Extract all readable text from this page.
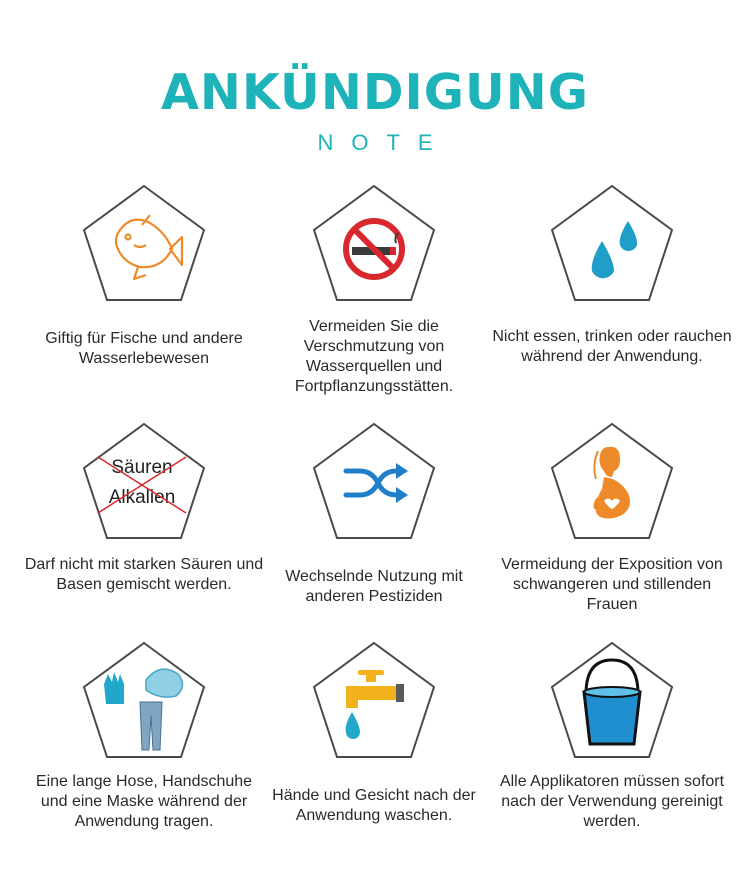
ANKÜNDIGUNG
NOTE
Giftig für Fische und andere Wasserlebewesen
Vermeiden Sie die Verschmutzung von Wasserquellen und Fortpflanzungsstätten.
Nicht essen, trinken oder rauchen während der Anwendung.
Säuren
Alkalien
Darf nicht mit starken Säuren und Basen gemischt werden.	Wechselnde Nutzung mit anderen Pestiziden
Vermeidung der Exposition von schwangeren und stillenden Frauen
Eine lange Hose, Handschuhe und eine Maske während der Anwendung tragen.
Hände und Gesicht nach der Anwendung waschen.
Alle Applikatoren müssen sofort nach der Verwendung gereinigt werden.
